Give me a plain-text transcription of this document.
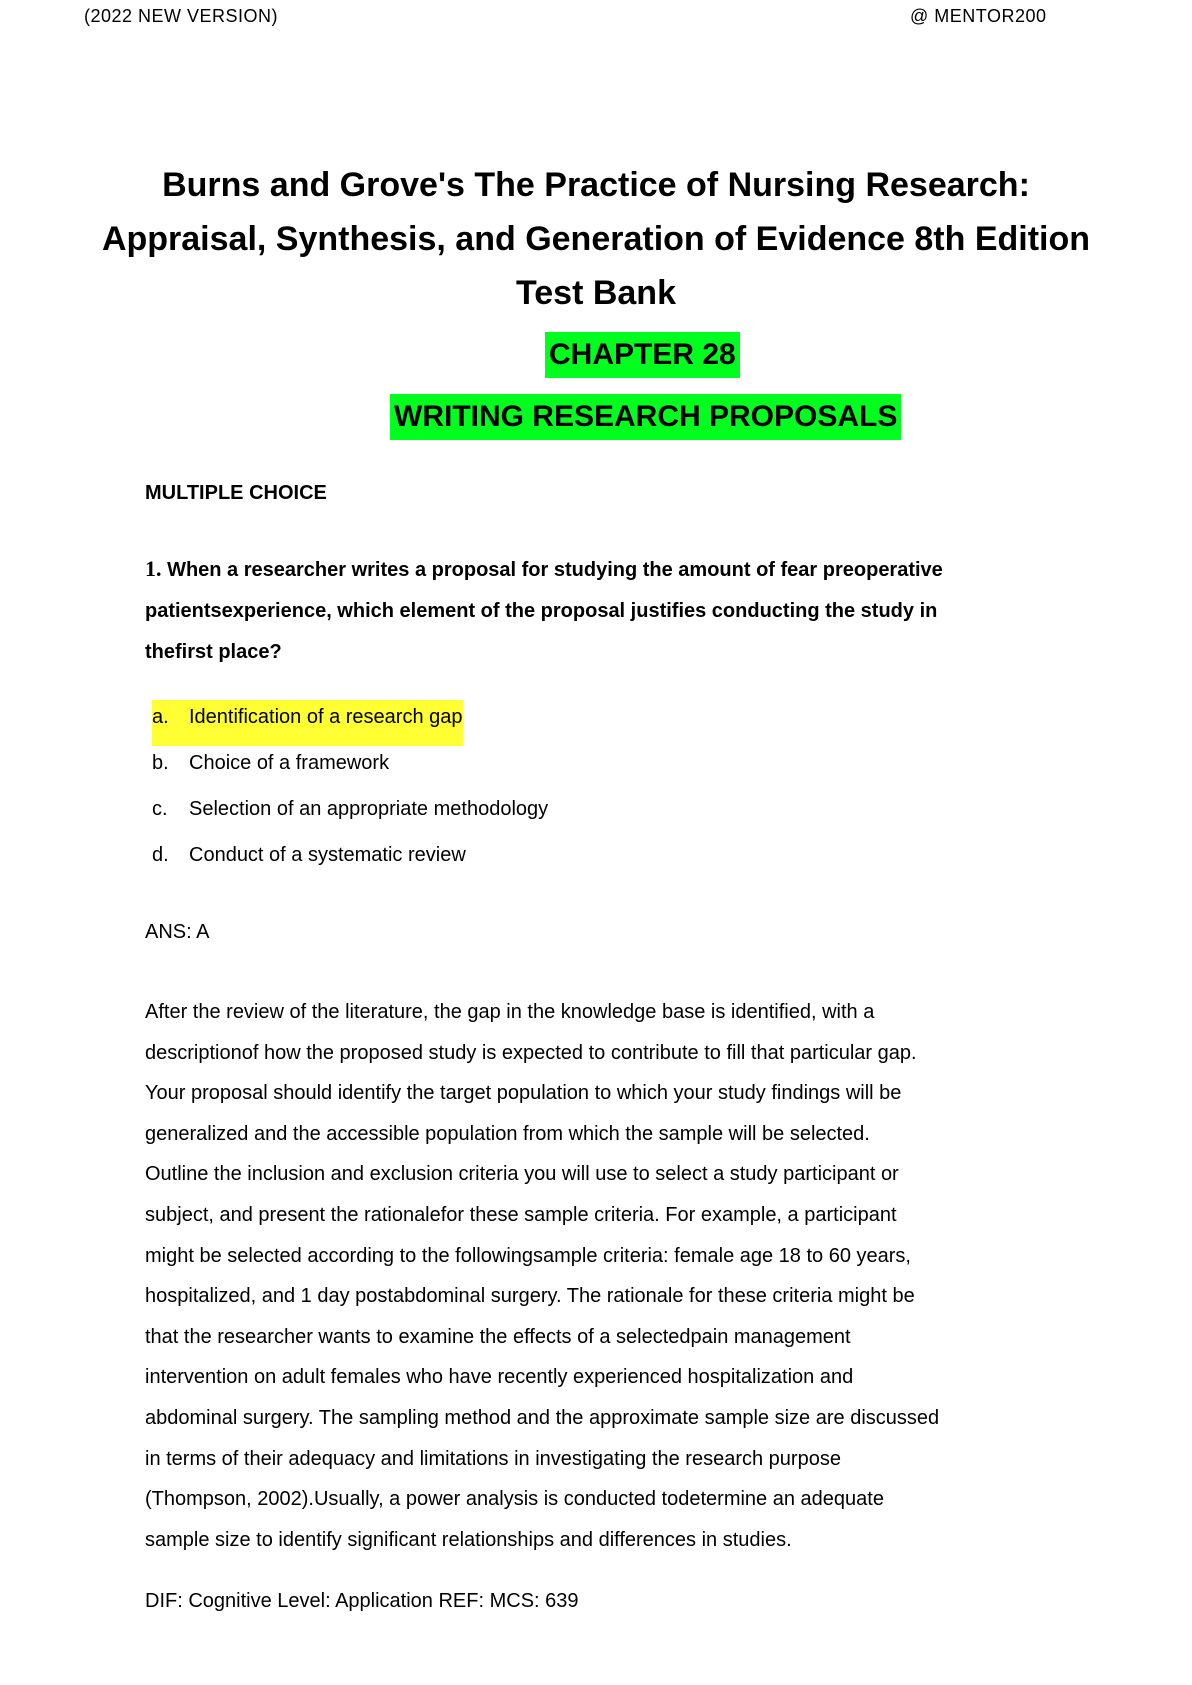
(2022 NEW VERSION)	@ MENTOR200
Burns and Grove's The Practice of Nursing Research:
Appraisal, Synthesis, and Generation of Evidence 8th Edition
Test Bank
CHAPTER 28
WRITING RESEARCH PROPOSALS
MULTIPLE CHOICE
1. When a researcher writes a proposal for studying the amount of fear preoperative
patientsexperience, which element of the proposal justifies conducting the study in
thefirst place?
a.	Identification of a research gap
b.	Choice of a framework
c.	Selection of an appropriate methodology
d.	Conduct of a systematic review
ANS: A
After the review of the literature, the gap in the knowledge base is identified, with a
descriptionof how the proposed study is expected to contribute to fill that particular gap.
Your proposal should identify the target population to which your study findings will be
generalized and the accessible population from which the sample will be selected.
Outline the inclusion and exclusion criteria you will use to select a study participant or
subject, and present the rationalefor these sample criteria. For example, a participant
might be selected according to the followingsample criteria: female age 18 to 60 years,
hospitalized, and 1 day postabdominal surgery. The rationale for these criteria might be
that the researcher wants to examine the effects of a selectedpain management
intervention on adult females who have recently experienced hospitalization and
abdominal surgery. The sampling method and the approximate sample size are discussed
in terms of their adequacy and limitations in investigating the research purpose
(Thompson, 2002).Usually, a power analysis is conducted todetermine an adequate
sample size to identify significant relationships and differences in studies.
DIF: Cognitive Level: Application REF: MCS: 639
